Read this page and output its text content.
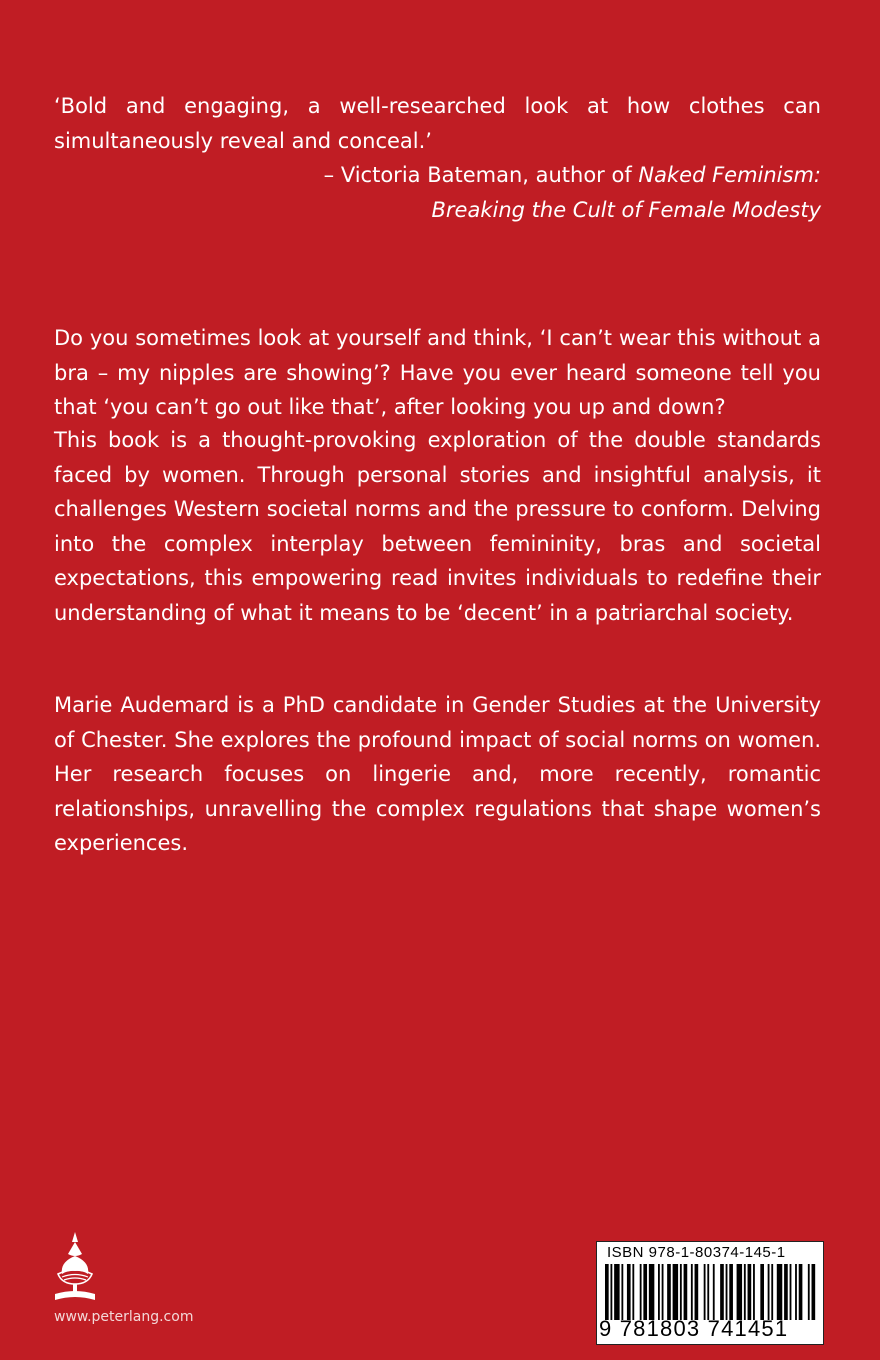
‘Bold and engaging, a well-researched look at how clothes can simultaneously reveal and conceal.’

– Victoria Bateman, author of Naked Feminism:
Breaking the Cult of Female Modesty

Do you sometimes look at yourself and think, ‘I can’t wear this without a bra – my nipples are showing’? Have you ever heard someone tell you that ‘you can’t go out like that’, after looking you up and down?

This book is a thought-provoking exploration of the double standards faced by women. Through personal stories and insightful analysis, it challenges Western societal norms and the pressure to conform. Delving into the complex interplay between femininity, bras and societal expectations, this empowering read invites individuals to redefine their understanding of what it means to be ‘decent’ in a patriarchal society.

Marie Audemard is a PhD candidate in Gender Studies at the University of Chester. She explores the profound impact of social norms on women. Her research focuses on lingerie and, more recently, romantic relationships, unravelling the complex regulations that shape women’s experiences.

www.peterlang.com
ISBN 978-1-80374-145-1
9 781803 741451
